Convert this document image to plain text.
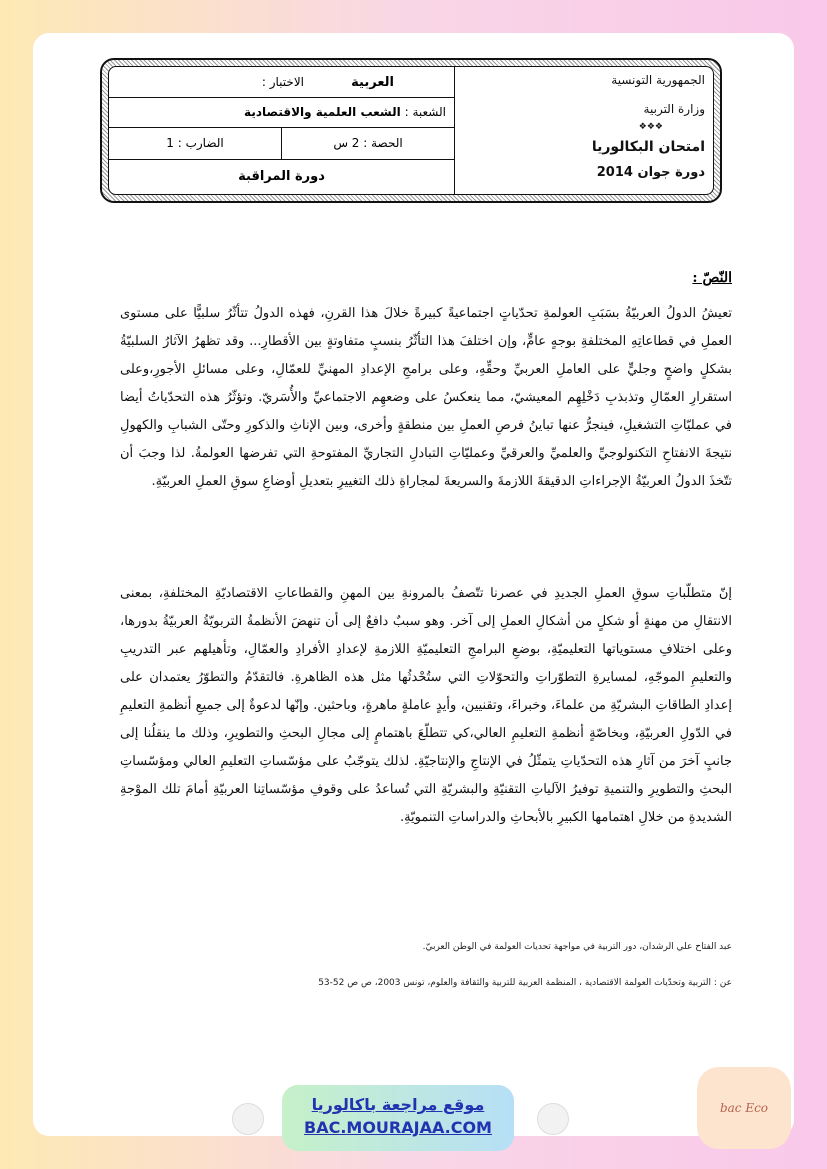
الاختبار :	العربية
الشعبة :

الشعب العلمية والاقتصادية
الحصة : 2 س
الضارب : 1
دورة المراقبة
الجمهورية التونسية
وزارة التربية
❖❖❖
امتحان البكالوريا
دورة جوان 2014
النّصّ :
تعيشُ الدولُ العربيّةُ بسَبَبِ العولمةِ تحدّياتٍ اجتماعيةً كبيرةً خلالَ هذا القرنِ، فهذه الدولُ تتأثّرُ سلبيًّا على مستوى العملِ في قطاعاتِهِ المختلفةِ بوجهٍ عامٍّ، وإن اختلفَ هذا التأثّرُ بنسبٍ متفاوتةٍ بين الأقطارِ... وقد تظهرُ الآثارُ السلبيّةُ بشكلٍ واضحٍ وجليٍّ على العاملِ العربيِّ وحقِّهِ، وعلى برامجِ الإعدادِ المهنيِّ للعمّالِ، وعلى مسائلِ الأجورِ،وعلى استقرارِ العمّالِ وتذبذبِ دَخْلِهِم المعيشيّ، مما ينعكسُ على وضعهِم الاجتماعيِّ والأُسَريّ. وتؤثّرُ هذه التحدّياتُ أيضا في عمليّاتِ التشغيلِ، فينجرُّ عنها تباينُ فرصِ العملِ بين منطقةٍ وأخرى، وبين الإناثِ والذكورِ وحتّى الشبابِ والكهولِ نتيجةَ الانفتاحِ التكنولوجيِّ والعلميِّ والعرقيِّ وعمليّاتِ التبادلِ التجاريِّ المفتوحةِ التي تفرضها العولمةُ. لذا وجبَ أن تتّخذَ الدولُ العربيّةُ الإجراءاتِ الدقيقةَ اللازمةَ والسريعةَ لمجاراةِ ذلك التغييرِ بتعديلِ أوضاعِ سوقِ العملِ العربيّةِ.
إنّ متطلّباتِ سوقِ العملِ الجديدِ في عصرنا تتّصفُ بالمرونةِ بين المهنِ والقطاعاتِ الاقتصاديّةِ المختلفةِ، بمعنى الانتقالِ من مهنةٍ أو شكلٍ من أشكالِ العملِ إلى آخر. وهو سببٌ دافعٌ إلى أن تنهضَ الأنظمةُ التربويّةُ العربيّةُ بدورها، وعلى اختلافِ مستوياتها التعليميّةِ، بوضعِ البرامجِ التعليميّةِ اللازمةِ لإعدادِ الأفرادِ والعمّالِ، وتأهيلهم عبر التدريبِ والتعليمِ الموجّهِ، لمسايرةِ التطوّراتِ والتحوّلاتِ التي ستُحْدثُها مثل هذه الظاهرةِ. فالتقدّمُ والتطوّرُ يعتمدان على إعدادِ الطاقاتِ البشريّةِ من علماءَ، وخبراءَ، وتقنيين، وأيدٍ عاملةٍ ماهرةٍ، وباحثين. وإنّها لدعوةٌ إلى جميعِ أنظمةِ التعليمِ في الدّولِ العربيّةِ، وبخاصّةٍ أنظمةِ التعليمِ العالي،كي تتطلّعَ باهتمامٍ إلى مجالِ البحثِ والتطويرِ، وذلك ما ينقلُنا إلى جانبٍ آخرَ من آثارِ هذه التحدّياتِ يتمثّلُ في الإنتاجِ والإنتاجيّةِ. لذلك يتوجّبُ على مؤسّساتِ التعليمِ العالي ومؤسّساتِ البحثِ والتطويرِ والتنميةِ توفيرُ الآلياتِ التقنيّةِ والبشريّةِ التي تُساعدُ على وقوفِ مؤسّساتِنا العربيّةِ أمامَ تلك الموْجةِ الشديدةِ من خلالِ اهتمامها الكبيرِ بالأبحاثِ والدراساتِ التنمويّةِ.
عبد الفتاح علي الرشدان، دور التربية في مواجهة تحديات العولمة في الوطن العربيّ.
عن : التربية وتحدّيات العولمة الاقتصادية ، المنظمة العربية للتربية والثقافة والعلوم، تونس 2003، ص ص 52-53
موقع مراجعة باكالوريا
BAC.MOURAJAA.COM
bac Eco
